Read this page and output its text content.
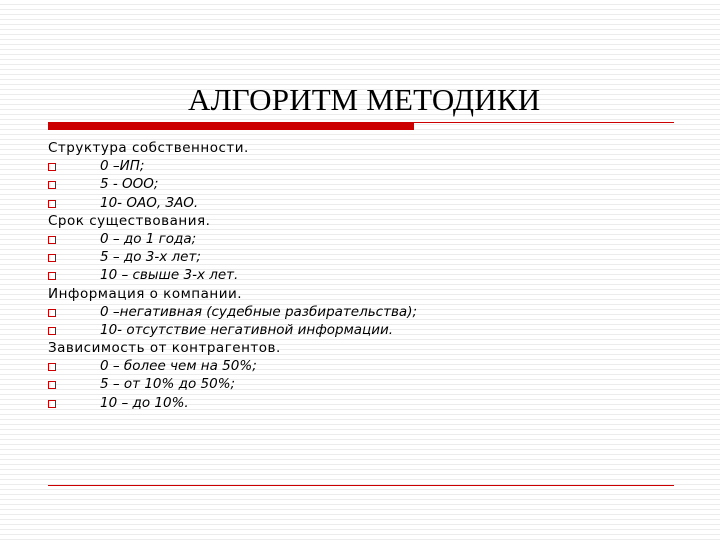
АЛГОРИТМ МЕТОДИКИ
Структура собственности.
0 –ИП;
5 - ООО;
10- ОАО, ЗАО.
Срок существования.
0 – до 1 года;
5 – до 3-х лет;
10 – свыше 3-х лет.
Информация о компании.
0 –негативная (судебные разбирательства);
10- отсутствие негативной информации.
Зависимость от контрагентов.
0 – более чем на 50%;
5 – от 10% до 50%;
10 – до 10%.
